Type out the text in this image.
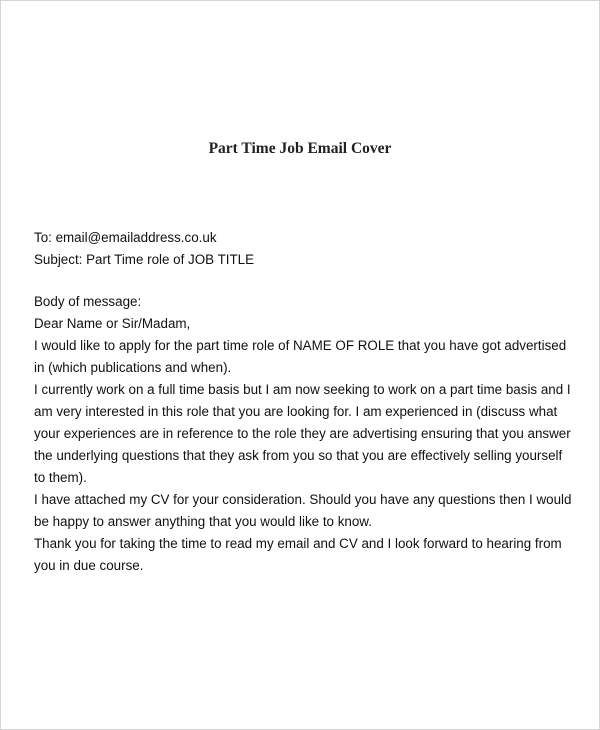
Part Time Job Email Cover
To: email@emailaddress.co.uk
Subject: Part Time role of JOB TITLE
Body of message:
Dear Name or Sir/Madam,
I would like to apply for the part time role of NAME OF ROLE that you have got advertised
in (which publications and when).
I currently work on a full time basis but I am now seeking to work on a part time basis and I
am very interested in this role that you are looking for. I am experienced in (discuss what
your experiences are in reference to the role they are advertising ensuring that you answer
the underlying questions that they ask from you so that you are effectively selling yourself
to them).
I have attached my CV for your consideration. Should you have any questions then I would
be happy to answer anything that you would like to know.
Thank you for taking the time to read my email and CV and I look forward to hearing from
you in due course.
